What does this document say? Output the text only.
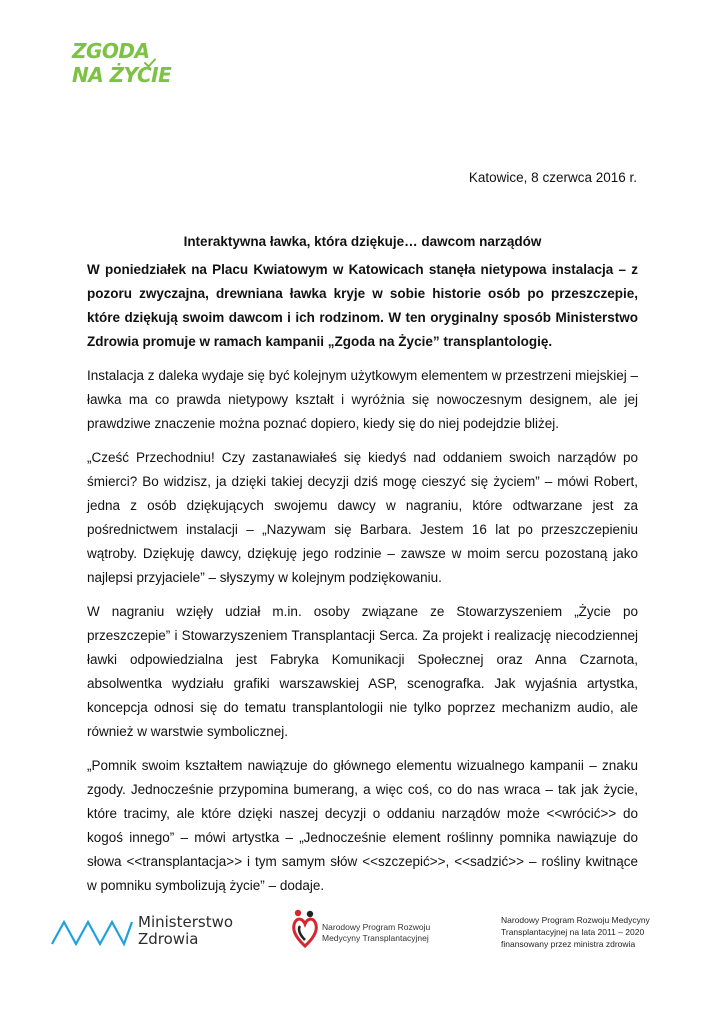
ZGODA
NA ŻYCIE
Katowice, 8 czerwca 2016 r.
Interaktywna ławka, która dziękuje… dawcom narządów

W poniedziałek na Placu Kwiatowym w Katowicach stanęła nietypowa instalacja – z pozoru zwyczajna, drewniana ławka kryje w sobie historie osób po przeszczepie, które dziękują swoim dawcom i ich rodzinom. W ten oryginalny sposób Ministerstwo Zdrowia promuje w ramach kampanii „Zgoda na Życie” transplantologię.

Instalacja z daleka wydaje się być kolejnym użytkowym elementem w przestrzeni miejskiej – ławka ma co prawda nietypowy kształt i wyróżnia się nowoczesnym designem, ale jej prawdziwe znaczenie można poznać dopiero, kiedy się do niej podejdzie bliżej.

„Cześć Przechodniu! Czy zastanawiałeś się kiedyś nad oddaniem swoich narządów po śmierci? Bo widzisz, ja dzięki takiej decyzji dziś mogę cieszyć się życiem” – mówi Robert, jedna z osób dziękujących swojemu dawcy w nagraniu, które odtwarzane jest za pośrednictwem instalacji – „Nazywam się Barbara. Jestem 16 lat po przeszczepieniu wątroby. Dziękuję dawcy, dziękuję jego rodzinie – zawsze w moim sercu pozostaną jako najlepsi przyjaciele” – słyszymy w kolejnym podziękowaniu.

W nagraniu wzięły udział m.in. osoby związane ze Stowarzyszeniem „Życie po przeszczepie” i Stowarzyszeniem Transplantacji Serca. Za projekt i realizację niecodziennej ławki odpowiedzialna jest Fabryka Komunikacji Społecznej oraz Anna Czarnota, absolwentka wydziału grafiki warszawskiej ASP, scenografka. Jak wyjaśnia artystka, koncepcja odnosi się do tematu transplantologii nie tylko poprzez mechanizm audio, ale również w warstwie symbolicznej.

„Pomnik swoim kształtem nawiązuje do głównego elementu wizualnego kampanii – znaku zgody. Jednocześnie przypomina bumerang, a więc coś, co do nas wraca – tak jak życie, które tracimy, ale które dzięki naszej decyzji o oddaniu narządów może <<wrócić>> do kogoś innego” – mówi artystka – „Jednocześnie element roślinny pomnika nawiązuje do słowa <<transplantacja>> i tym samym słów <<szczepić>>, <<sadzić>> – rośliny kwitnące w pomniku symbolizują życie” – dodaje.

Ministerstwo
Zdrowia
Narodowy Program Rozwoju
Medycyny Transplantacyjnej
Narodowy Program Rozwoju Medycyny
Transplantacyjnej na lata 2011 – 2020
finansowany przez ministra zdrowia
